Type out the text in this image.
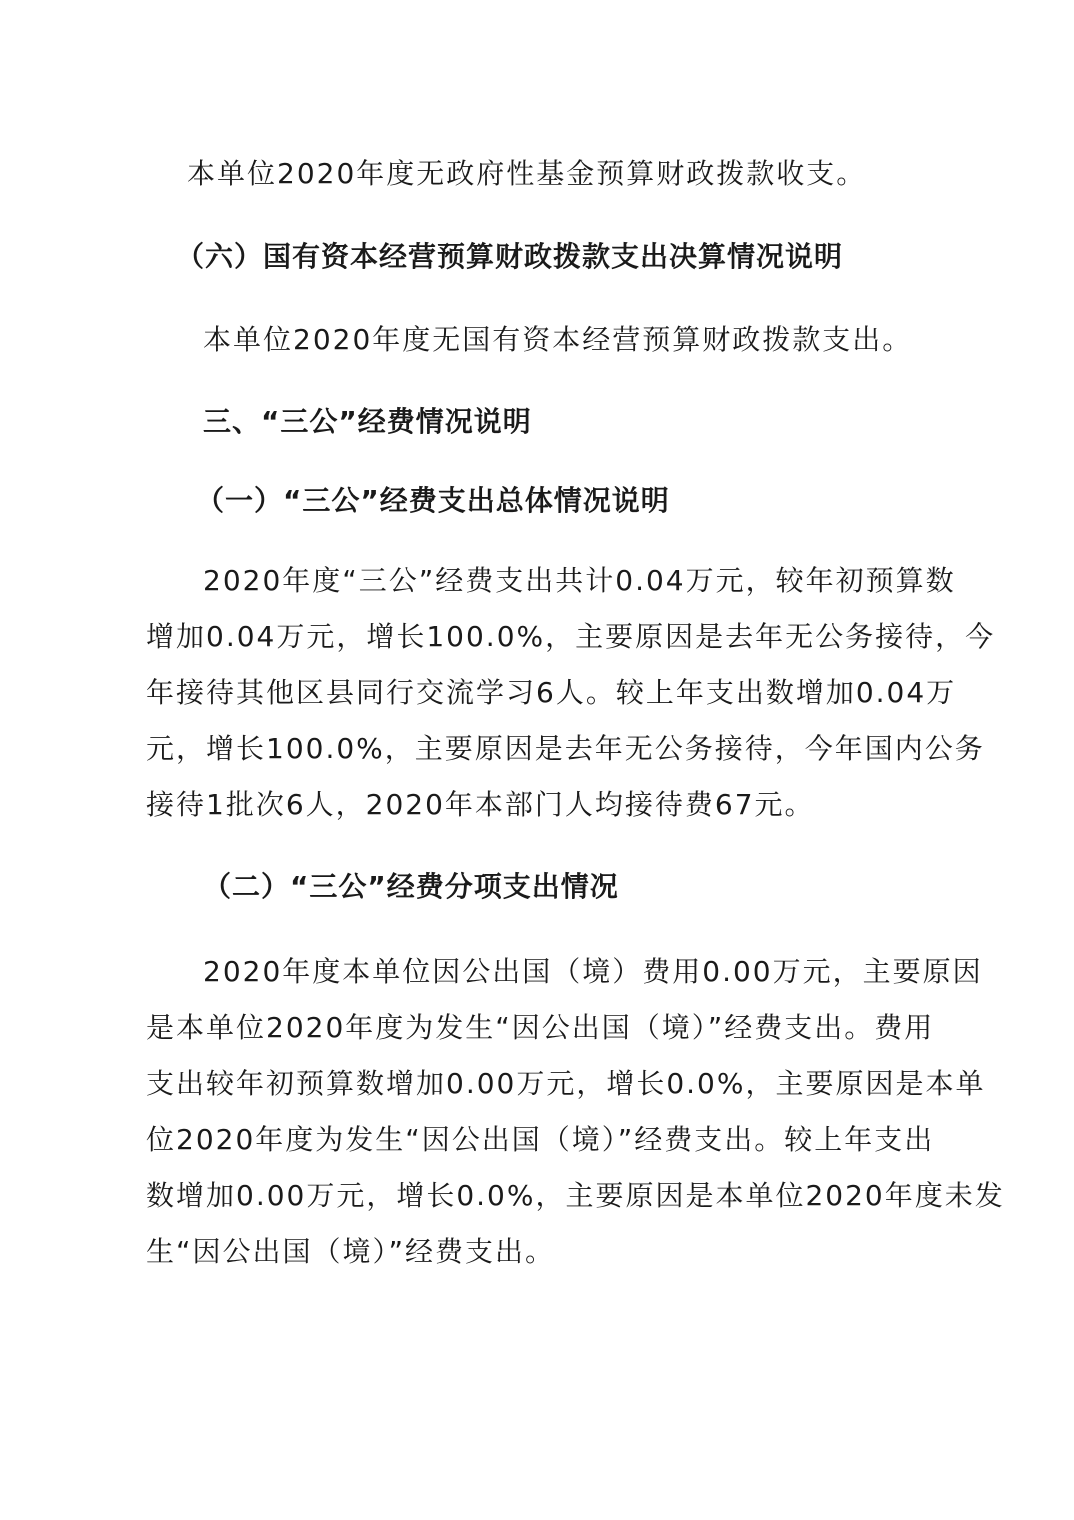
本单位2020年度无政府性基金预算财政拨款收支。
（六）国有资本经营预算财政拨款支出决算情况说明
本单位2020年度无国有资本经营预算财政拨款支出。
三、“三公”经费情况说明
（一）“三公”经费支出总体情况说明
2020年度“三公”经费支出共计0.04万元，较年初预算数
增加0.04万元，增长100.0%，主要原因是去年无公务接待，今
年接待其他区县同行交流学习6人。较上年支出数增加0.04万
元，增长100.0%，主要原因是去年无公务接待，今年国内公务
接待1批次6人，2020年本部门人均接待费67元。
（二）“三公”经费分项支出情况
2020年度本单位因公出国（境）费用0.00万元，主要原因
是本单位2020年度为发生“因公出国（境）”经费支出。费用
支出较年初预算数增加0.00万元，增长0.0%，主要原因是本单
位2020年度为发生“因公出国（境）”经费支出。较上年支出
数增加0.00万元，增长0.0%，主要原因是本单位2020年度未发
生“因公出国（境）”经费支出。
